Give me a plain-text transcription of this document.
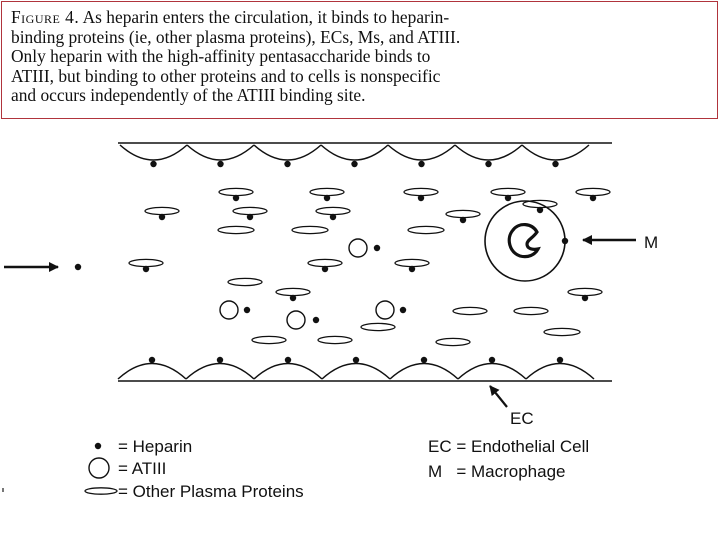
Figure 4. As heparin enters the circulation, it binds to heparin-
binding proteins (ie, other plasma proteins), ECs, Ms, and ATIII.
Only heparin with the high-affinity pentasaccharide binds to
ATIII, but binding to other proteins and to cells is nonspecific
and occurs independently of the ATIII binding site.

M
EC
= Heparin
= ATIII
= Other Plasma Proteins
EC = Endothelial Cell
M   = Macrophage
